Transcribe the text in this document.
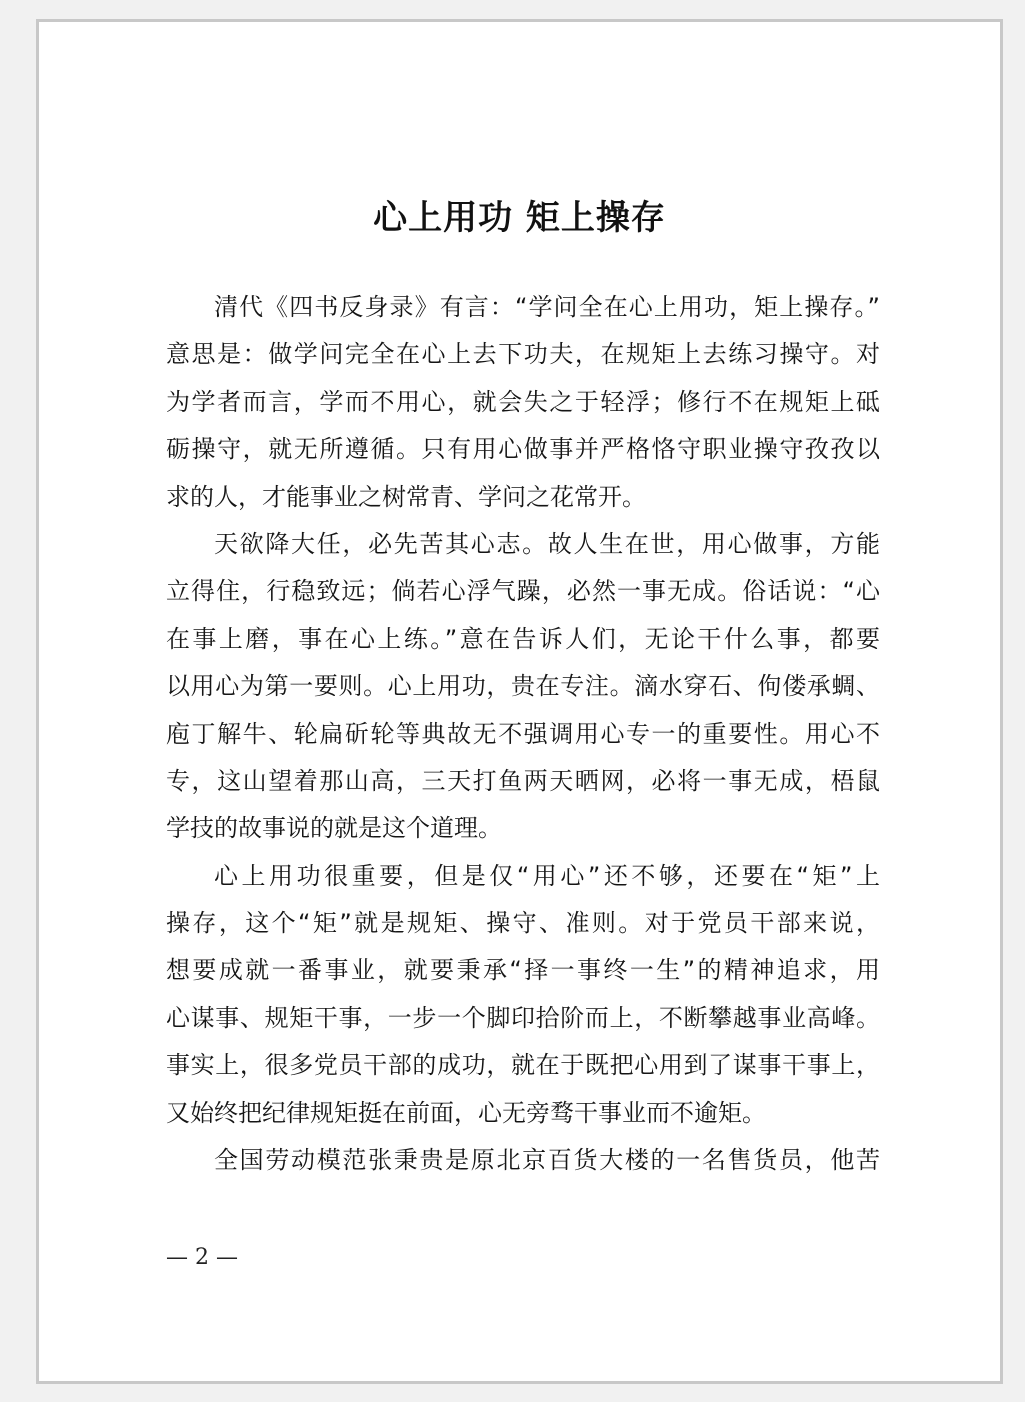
心上用功 矩上操存
清代《四书反身录》有言：“学问全在心上用功，矩上操存。”
意思是：做学问完全在心上去下功夫，在规矩上去练习操守。对
为学者而言，学而不用心，就会失之于轻浮；修行不在规矩上砥
砺操守，就无所遵循。只有用心做事并严格恪守职业操守孜孜以
求的人，才能事业之树常青、学问之花常开。
天欲降大任，必先苦其心志。故人生在世，用心做事，方能
立得住，行稳致远；倘若心浮气躁，必然一事无成。俗话说：“心
在事上磨，事在心上练。”意在告诉人们，无论干什么事，都要
以用心为第一要则。心上用功，贵在专注。滴水穿石、佝偻承蜩、
庖丁解牛、轮扁斫轮等典故无不强调用心专一的重要性。用心不
专，这山望着那山高，三天打鱼两天晒网，必将一事无成，梧鼠
学技的故事说的就是这个道理。
心上用功很重要，但是仅“用心”还不够，还要在“矩”上
操存，这个“矩”就是规矩、操守、准则。对于党员干部来说，
想要成就一番事业，就要秉承“择一事终一生”的精神追求，用
心谋事、规矩干事，一步一个脚印拾阶而上，不断攀越事业高峰。
事实上，很多党员干部的成功，就在于既把心用到了谋事干事上，
又始终把纪律规矩挺在前面，心无旁骛干事业而不逾矩。
全国劳动模范张秉贵是原北京百货大楼的一名售货员，他苦
— 2 —
